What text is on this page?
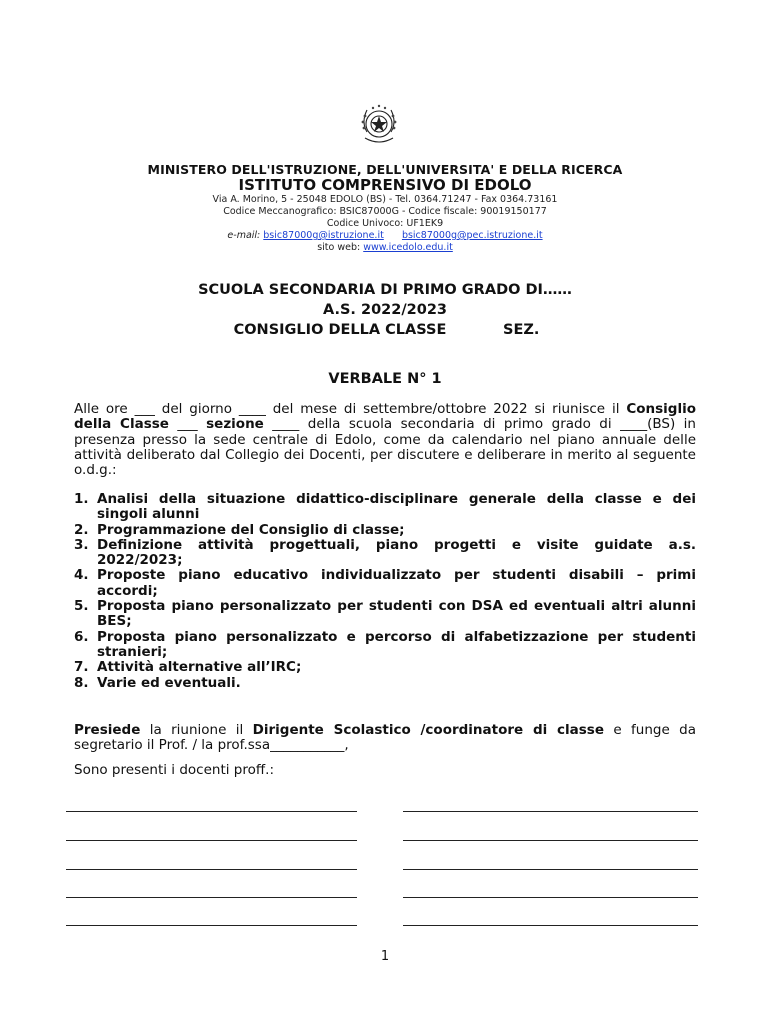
MINISTERO DELL'ISTRUZIONE, DELL'UNIVERSITA' E DELLA RICERCA
ISTITUTO COMPRENSIVO DI EDOLO
Via A. Morino, 5 - 25048 EDOLO (BS) - Tel. 0364.71247 - Fax 0364.73161
Codice Meccanografico: BSIC87000G - Codice fiscale: 90019150177
Codice Univoco: UF1EK9
e-mail: bsic87000g@istruzione.it bsic87000g@pec.istruzione.it
sito web: www.icedolo.edu.it
SCUOLA SECONDARIA DI PRIMO GRADO DI……
A.S. 2022/2023
CONSIGLIO DELLA CLASSE	SEZ.
VERBALE N° 1
Alle ore ___ del giorno ____ del mese di settembre/ottobre 2022 si riunisce il Consiglio della Classe ___ sezione ____ della scuola secondaria di primo grado di ____(BS) in presenza presso la sede centrale di Edolo, come da calendario nel piano annuale delle attività deliberato dal Collegio dei Docenti, per discutere e deliberare in merito al seguente o.d.g.:
1. Analisi della situazione didattico-disciplinare generale della classe e dei singoli alunni
2. Programmazione del Consiglio di classe;
3. Definizione attività progettuali, piano progetti e visite guidate a.s. 2022/2023;
4. Proposte piano educativo individualizzato per studenti disabili – primi accordi;
5. Proposta piano personalizzato per studenti con DSA ed eventuali altri alunni BES;
6. Proposta piano personalizzato e percorso di alfabetizzazione per studenti stranieri;
7. Attività alternative all’IRC;
8. Varie ed eventuali.
Presiede la riunione il Dirigente Scolastico /coordinatore di classe e funge da segretario il Prof. / la prof.ssa___________,
Sono presenti i docenti proff.:
1
